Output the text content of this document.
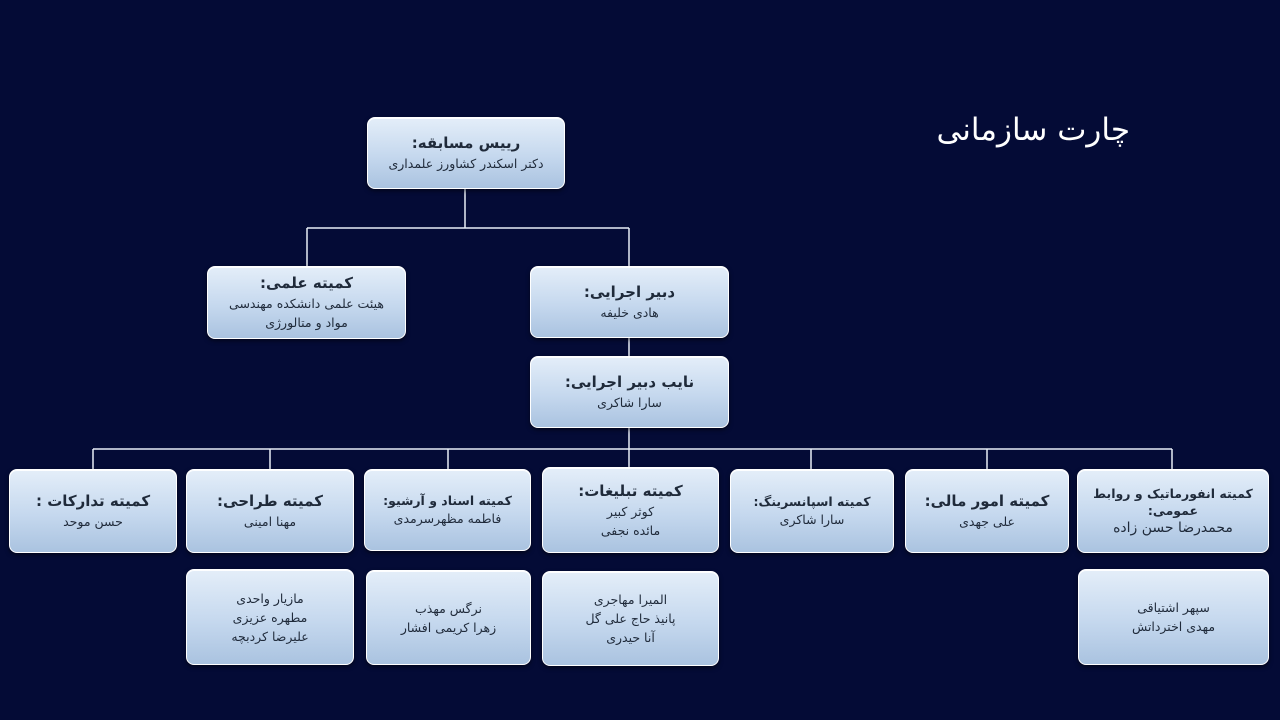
چارت سازمانی
رییس مسابقه:
دکتر اسکندر کشاورز علمداری
کمیته علمی:
هیئت علمی دانشکده مهندسی
مواد و متالورژی
دبیر اجرایی:
هادی خلیفه
نایب دبیر اجرایی:
سارا شاکری
کمیته انفورماتیک و روابط عمومی:
محمدرضا حسن زاده
کمیته امور مالی:
علی جهدی
کمیته اسپانسرینگ:
سارا شاکری
کمیته تبلیغات:
کوثر کبیر
مائده نجفی
کمیته اسناد و آرشیو:
فاطمه مظهرسرمدی
کمیته طراحی:
مهنا امینی
کمیته تدارکات :
حسن موحد
سپهر اشتیاقی
مهدی اخترداتش
المیرا مهاجری
پانیذ حاج علی گل
آنا حیدری
نرگس مهذب
زهرا کریمی افشار
مازیار واحدی
مطهره عزیزی
علیرضا کردبچه
